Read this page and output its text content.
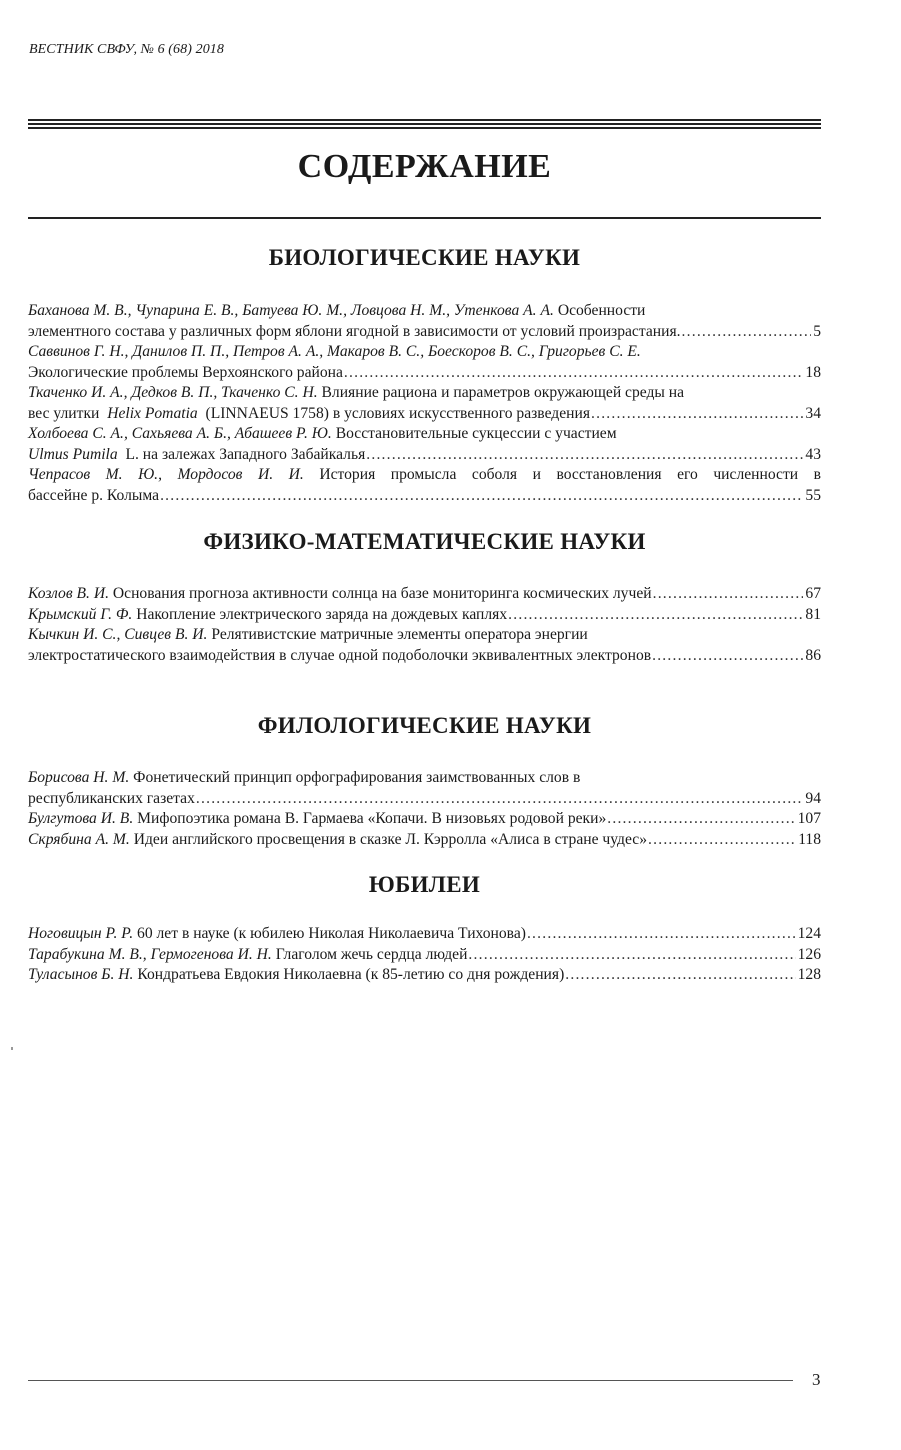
ВЕСТНИК СВФУ, № 6 (68) 2018
СОДЕРЖАНИЕ
БИОЛОГИЧЕСКИЕ НАУКИ
Баханова М. В., Чупарина Е. В., Батуева Ю. М., Ловцова Н. М., Утенкова А. А.
Особенности
элементного состава у различных форм яблони ягодной в зависимости от условий произрастания. .....	5
Саввинов Г. Н., Данилов П. П., Петров А. А., Макаров В. С., Боескоров В. С., Григорьев С. Е.
Экологические проблемы Верхоянского района .....	18
Ткаченко И. А., Дедков В. П., Ткаченко С. Н.
Влияние рациона и параметров окружающей среды на
вес улитки  Helix Pomatia  (LINNAEUS 1758) в условиях искусственного разведения .....	34
Холбоева С. А., Сахьяева А. Б., Абашеев Р. Ю.
Восстановительные сукцессии с участием
Ulmus Pumila  L. на залежах Западного Забайкалья .....	43
Чепрасов М. Ю., Мордосов И. И. История промысла соболя и восстановления его численности в
бассейне р. Колыма .....	55
ФИЗИКО-МАТЕМАТИЧЕСКИЕ НАУКИ
Козлов В. И.
Основания прогноза активности солнца на базе мониторинга космических лучей .....	67
Крымский Г. Ф.
Накопление электрического заряда на дождевых каплях .....	81
Кычкин И. С., Сивцев В. И.
Релятивистские матричные элементы оператора энергии
электростатического взаимодействия в случае одной подоболочки эквивалентных электронов .....	86
ФИЛОЛОГИЧЕСКИЕ НАУКИ
Борисова Н. М.
Фонетический принцип орфографирования заимствованных слов в
республиканских газетах .....	94
Булгутова И. В.
Мифопоэтика романа В. Гармаева «Копачи. В низовьях родовой реки» .....	107
Скрябина А. М.
Идеи английского просвещения в сказке Л. Кэрролла «Алиса в стране чудес» .....	118
ЮБИЛЕИ
Ноговицын Р. Р.
60 лет в науке (к юбилею Николая Николаевича Тихонова) .....	124
Тарабукина М. В., Гермогенова И. Н.
Глаголом жечь сердца людей .....	126
Туласынов Б. Н.
Кондратьева Евдокия Николаевна (к 85-летию со дня рождения) .....	128
3
